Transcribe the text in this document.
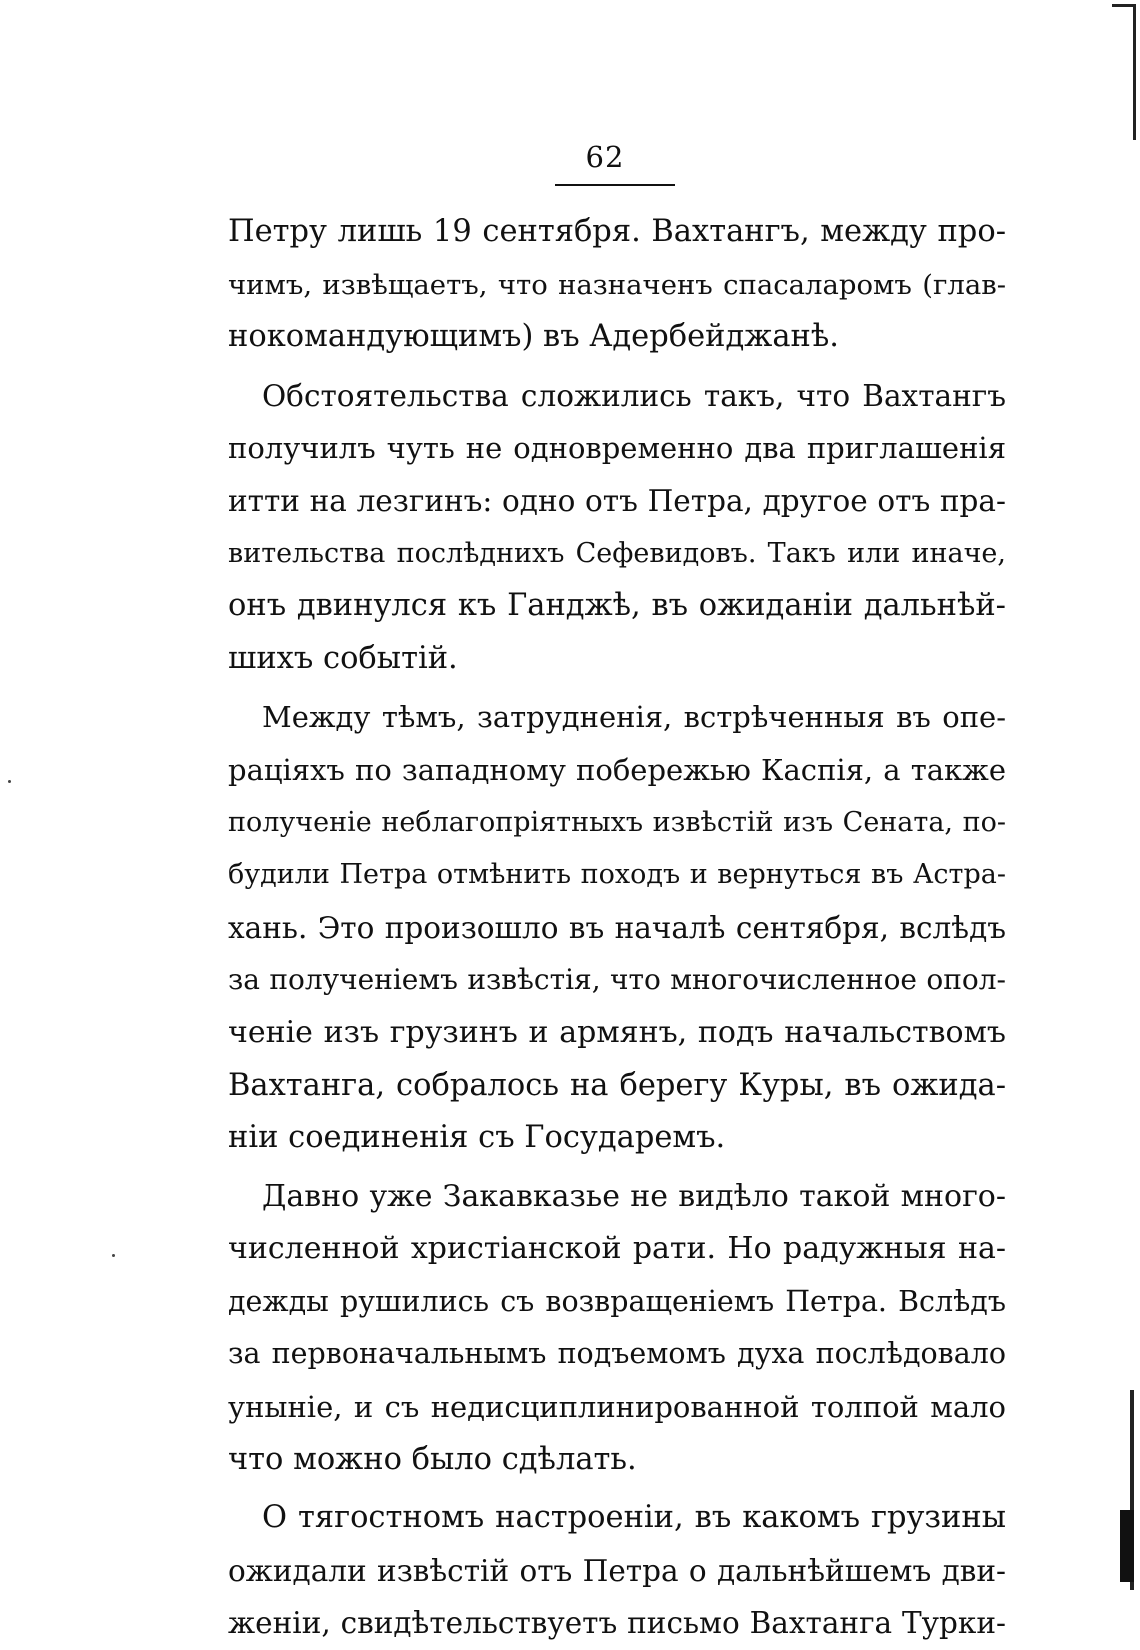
62
Петру лишь 19 сентября. Вахтангъ, между про-
чимъ, извѣщаетъ, что назначенъ спасаларомъ (глав-
нокомандующимъ) въ Адербейджанѣ.
Обстоятельства сложились такъ, что Вахтангъ
получилъ чуть не одновременно два приглашенія
итти на лезгинъ: одно отъ Петра, другое отъ пра-
вительства послѣднихъ Сефевидовъ. Такъ или иначе,
онъ двинулся къ Ганджѣ, въ ожиданіи дальнѣй-
шихъ событій.
Между тѣмъ, затрудненія, встрѣченныя въ опе-
раціяхъ по западному побережью Каспія, а также
полученіе неблагопріятныхъ извѣстій изъ Сената, по-
будили Петра отмѣнить походъ и вернуться въ Астра-
хань. Это произошло въ началѣ сентября, вслѣдъ
за полученіемъ извѣстія, что многочисленное опол-
ченіе изъ грузинъ и армянъ, подъ начальствомъ
Вахтанга, собралось на берегу Куры, въ ожида-
ніи соединенія съ Государемъ.
Давно уже Закавказье не видѣло такой много-
численной христіанской рати. Но радужныя на-
дежды рушились съ возвращеніемъ Петра. Вслѣдъ
за первоначальнымъ подъемомъ духа послѣдовало
уныніе, и съ недисциплинированной толпой мало
что можно было сдѣлать.
О тягостномъ настроеніи, въ какомъ грузины
ожидали извѣстій отъ Петра о дальнѣйшемъ дви-
женіи, свидѣтельствуетъ письмо Вахтанга Турки-
